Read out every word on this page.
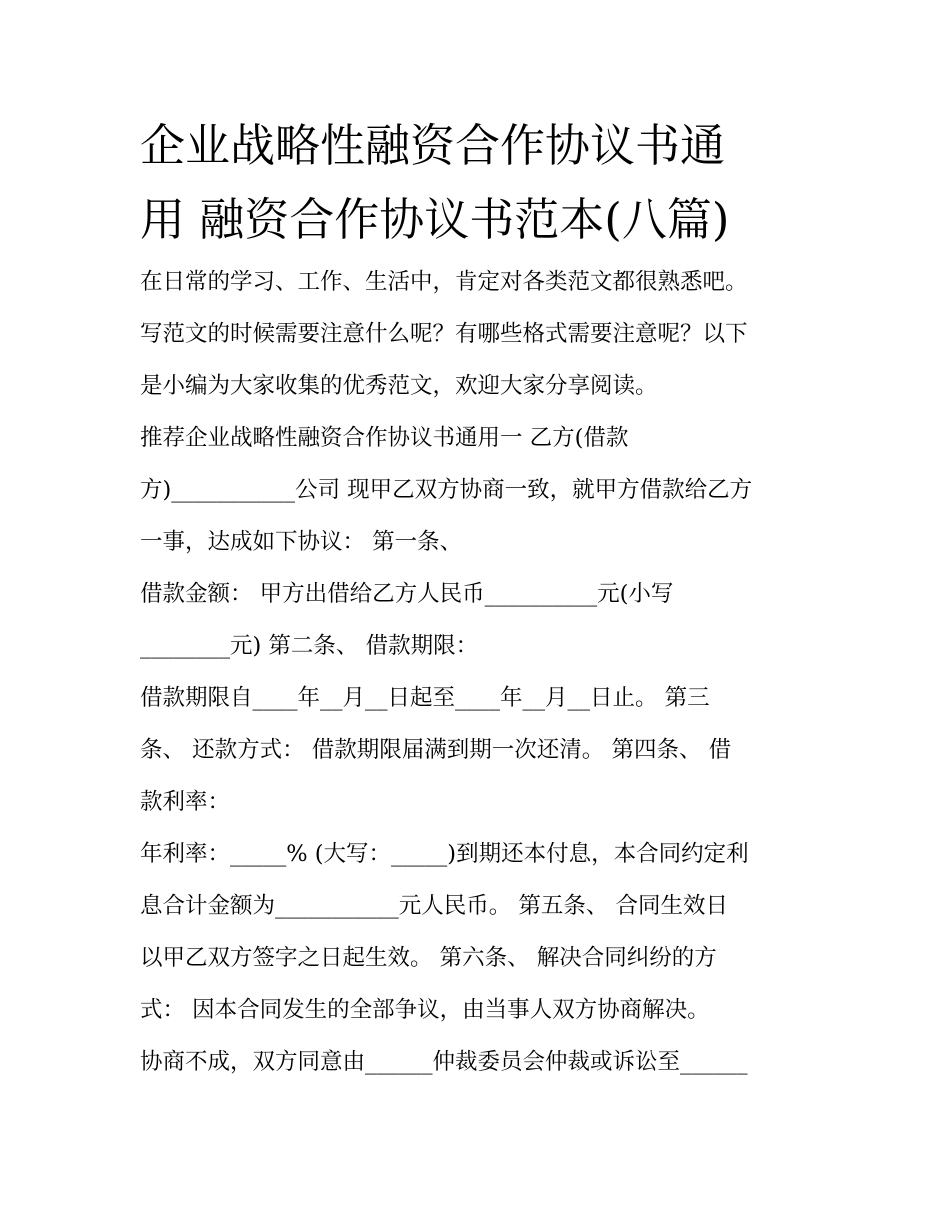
企业战略性融资合作协议书通
用 融资合作协议书范本(八篇)
在日常的学习、工作、生活中，肯定对各类范文都很熟悉吧。
写范文的时候需要注意什么呢？有哪些格式需要注意呢？以下
是小编为大家收集的优秀范文，欢迎大家分享阅读。
推荐企业战略性融资合作协议书通用一 乙方(借款
方)___________公司 现甲乙双方协商一致，就甲方借款给乙方
一事，达成如下协议： 第一条、
借款金额： 甲方出借给乙方人民币__________元(小写
________元) 第二条、 借款期限：
借款期限自____年__月__日起至____年__月__日止。 第三
条、 还款方式： 借款期限届满到期一次还清。 第四条、 借
款利率：
年利率：_____% (大写：_____)到期还本付息，本合同约定利
息合计金额为___________元人民币。 第五条、 合同生效日
以甲乙双方签字之日起生效。 第六条、 解决合同纠纷的方
式： 因本合同发生的全部争议，由当事人双方协商解决。
协商不成，双方同意由______仲裁委员会仲裁或诉讼至______
